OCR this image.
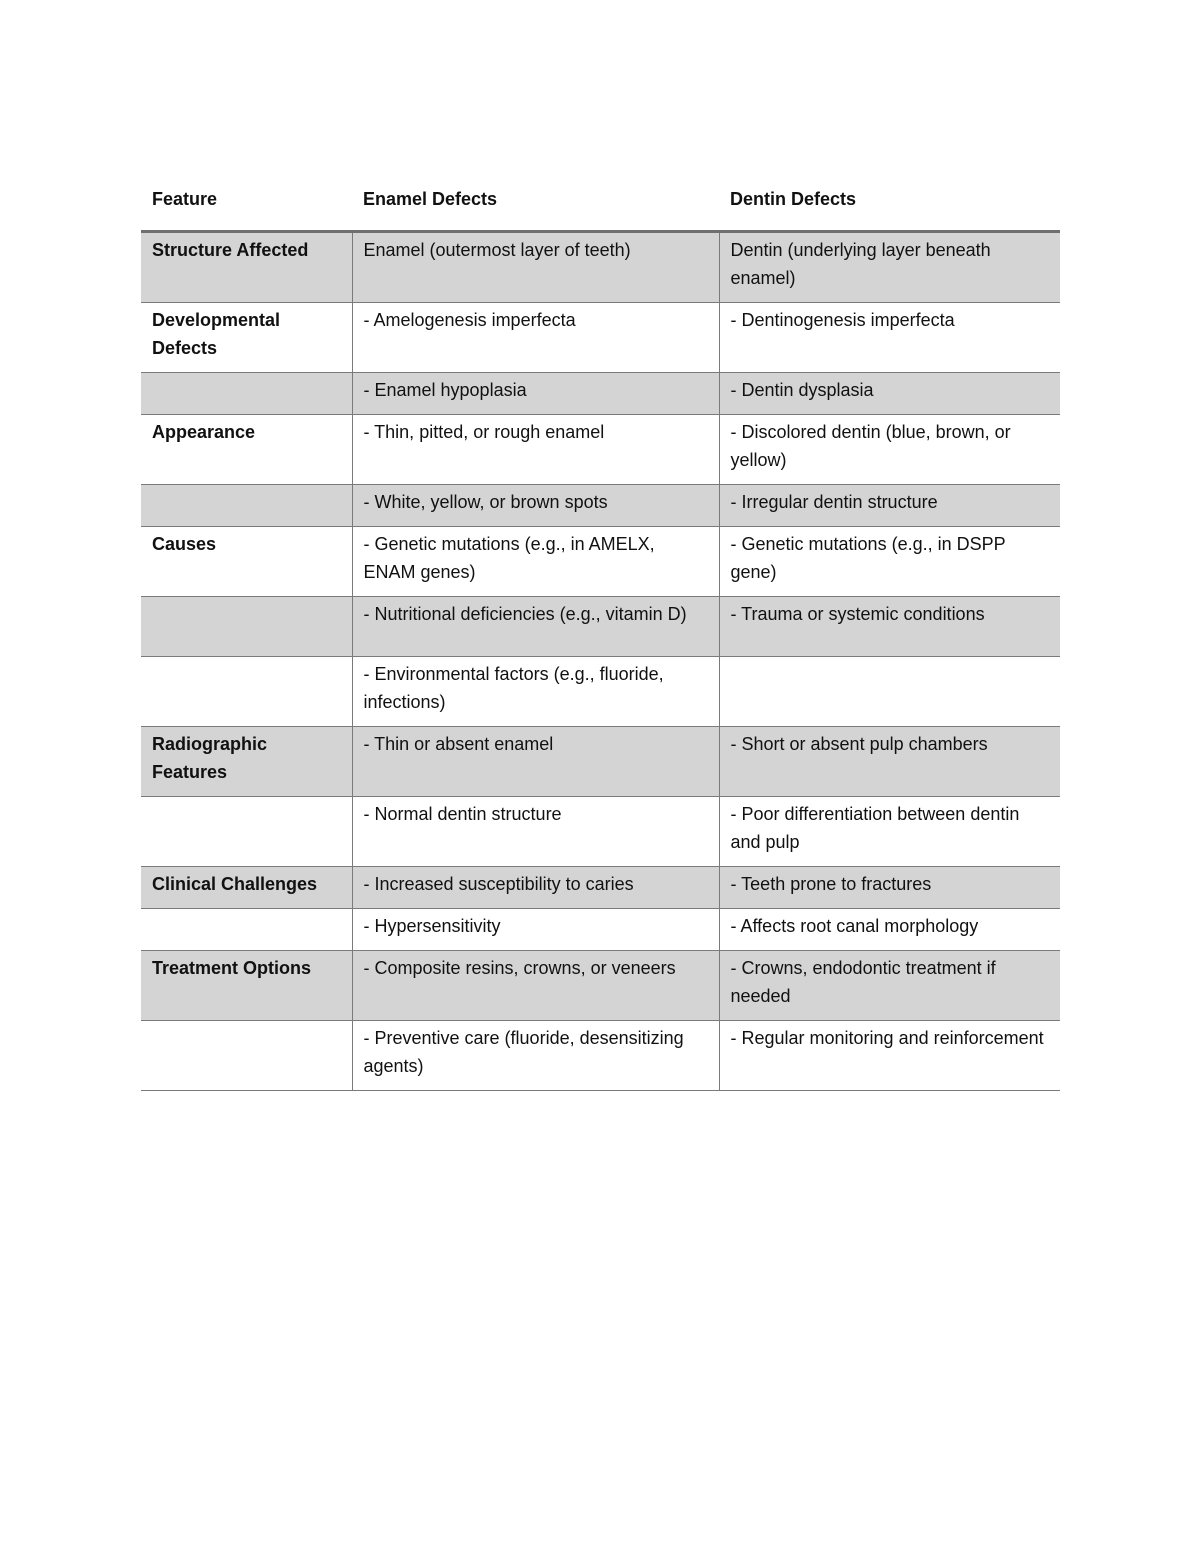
Feature	Enamel Defects	Dentin Defects
Structure Affected	Enamel (outermost layer of teeth)	Dentin (underlying layer beneath enamel)
Developmental Defects	- Amelogenesis imperfecta	- Dentinogenesis imperfecta
	- Enamel hypoplasia	- Dentin dysplasia
Appearance	- Thin, pitted, or rough enamel	- Discolored dentin (blue, brown, or yellow)
	- White, yellow, or brown spots	- Irregular dentin structure
Causes	- Genetic mutations (e.g., in AMELX, ENAM genes)	- Genetic mutations (e.g., in DSPP gene)
	- Nutritional deficiencies (e.g., vitamin D)	- Trauma or systemic conditions
	- Environmental factors (e.g., fluoride, infections)	
Radiographic Features	- Thin or absent enamel	- Short or absent pulp chambers
	- Normal dentin structure	- Poor differentiation between dentin and pulp
Clinical Challenges	- Increased susceptibility to caries	- Teeth prone to fractures
	- Hypersensitivity	- Affects root canal morphology
Treatment Options	- Composite resins, crowns, or veneers	- Crowns, endodontic treatment if needed
	- Preventive care (fluoride, desensitizing agents)	- Regular monitoring and reinforcement
